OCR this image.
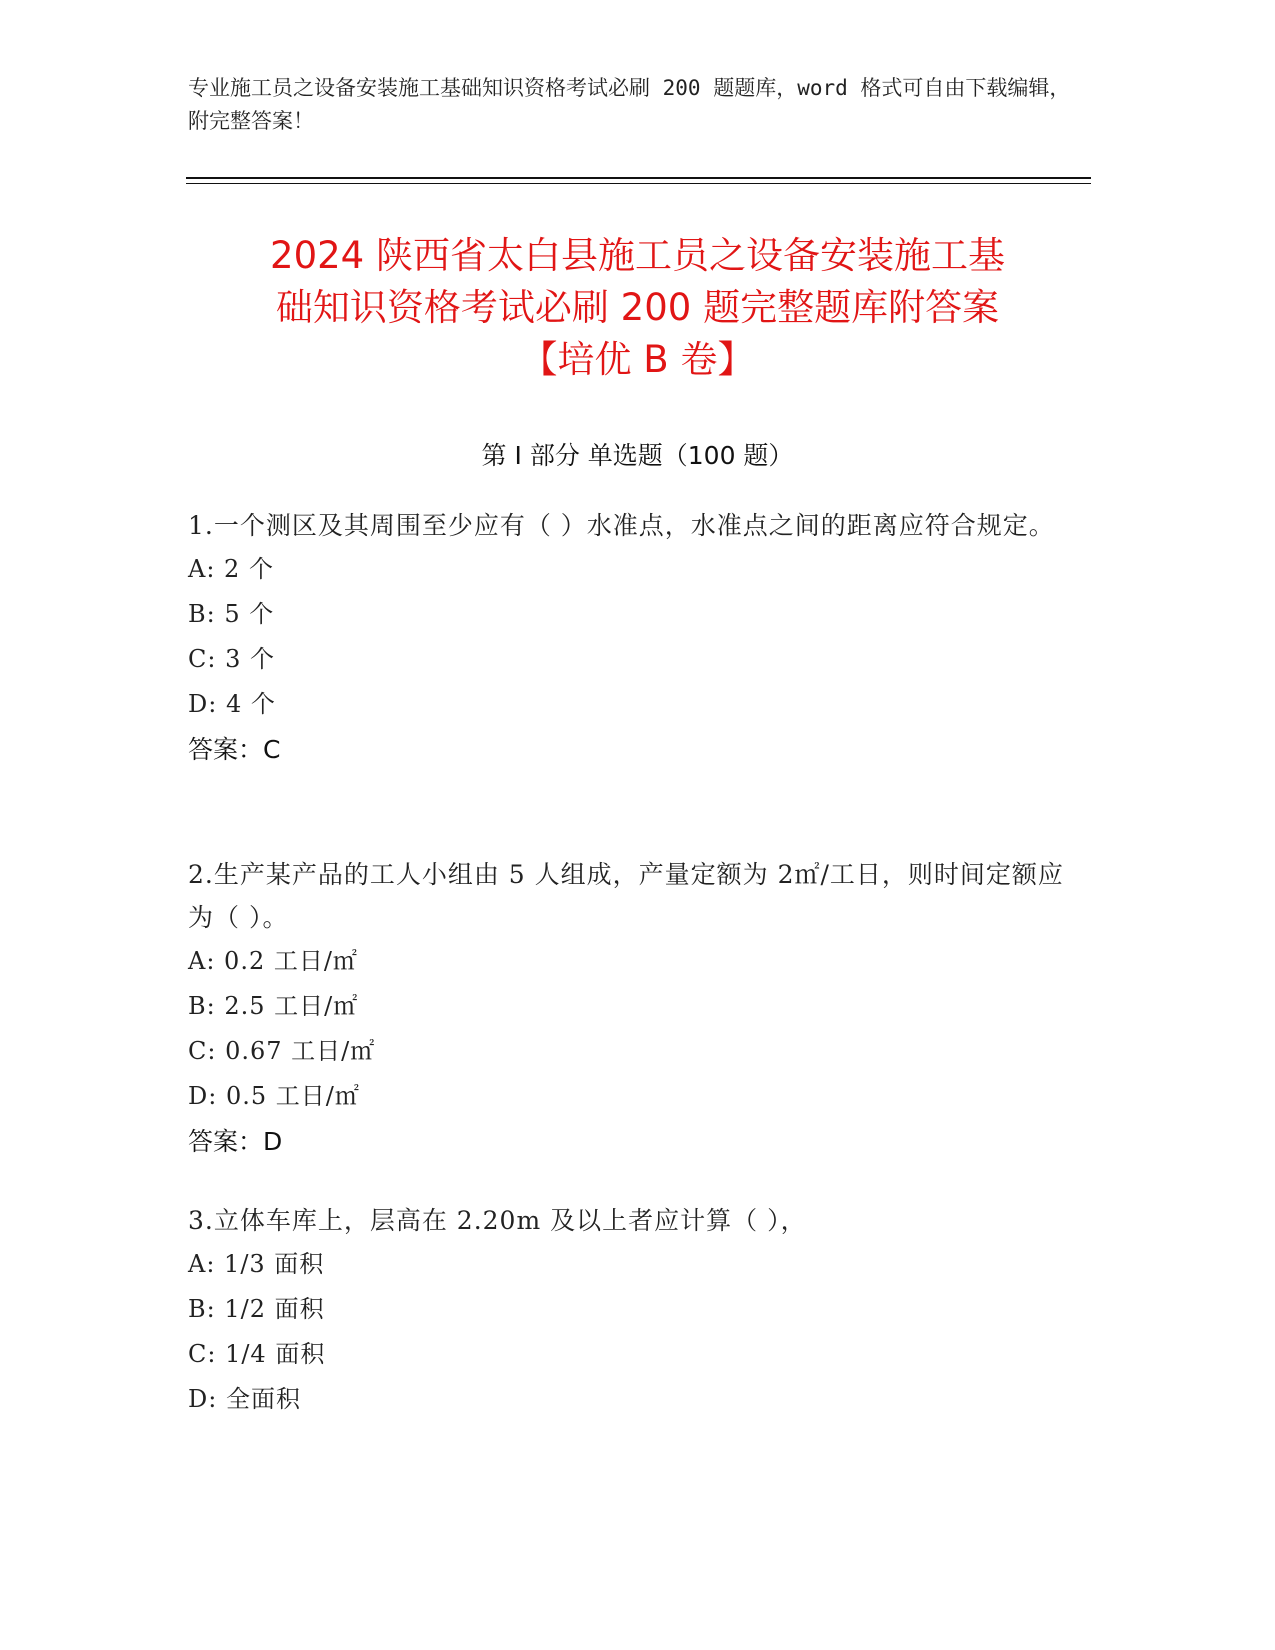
专业施工员之设备安装施工基础知识资格考试必刷 200 题题库，word 格式可自由下载编辑，附完整答案！
2024 陕西省太白县施工员之设备安装施工基
础知识资格考试必刷 200 题完整题库附答案
【培优 B 卷】
第 I 部分 单选题（100 题）
1.一个测区及其周围至少应有（ ）水准点，水准点之间的距离应符合规定。
A: 2 个
B: 5 个
C: 3 个
D: 4 个
答案：C
2.生产某产品的工人小组由 5 人组成，产量定额为 2㎡/工日，则时间定额应为（ ）。
A: 0.2 工日/㎡
B: 2.5 工日/㎡
C: 0.67 工日/㎡
D: 0.5 工日/㎡
答案：D
3.立体车库上，层高在 2.20m 及以上者应计算（ ），
A: 1/3 面积
B: 1/2 面积
C: 1/4 面积
D: 全面积
